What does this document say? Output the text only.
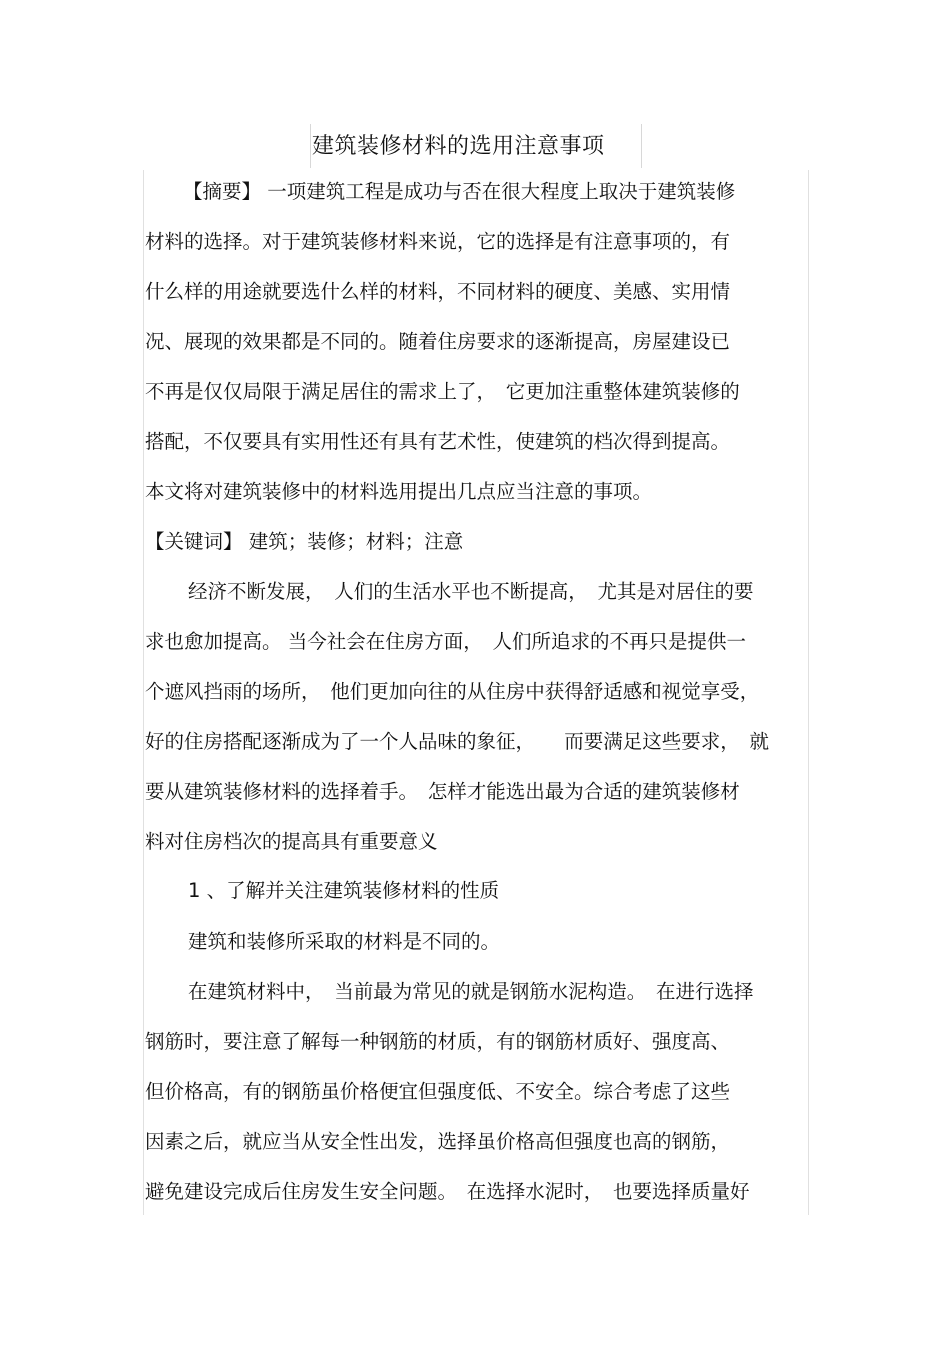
建筑装修材料的选用注意事项
【摘要】 一项建筑工程是成功与否在很大程度上取决于建筑装修
材料的选择。对于建筑装修材料来说，它的选择是有注意事项的，有
什么样的用途就要选什么样的材料，不同材料的硬度、美感、实用情
况、展现的效果都是不同的。随着住房要求的逐渐提高，房屋建设已
不再是仅仅局限于满足居住的需求上了，　它更加注重整体建筑装修的
搭配，不仅要具有实用性还有具有艺术性，使建筑的档次得到提高。
本文将对建筑装修中的材料选用提出几点应当注意的事项。
【关键词】 建筑；装修；材料；注意
经济不断发展，　人们的生活水平也不断提高，　尤其是对居住的要
求也愈加提高。 当今社会在住房方面，　人们所追求的不再只是提供一
个遮风挡雨的场所，　他们更加向往的从住房中获得舒适感和视觉享受，
好的住房搭配逐渐成为了一个人品味的象征，　　而要满足这些要求，　就
要从建筑装修材料的选择着手。　怎样才能选出最为合适的建筑装修材
料对住房档次的提高具有重要意义
1 、了解并关注建筑装修材料的性质
建筑和装修所采取的材料是不同的。
在建筑材料中，　当前最为常见的就是钢筋水泥构造。　在进行选择
钢筋时，要注意了解每一种钢筋的材质，有的钢筋材质好、强度高、
但价格高，有的钢筋虽价格便宜但强度低、不安全。综合考虑了这些
因素之后，就应当从安全性出发，选择虽价格高但强度也高的钢筋，
避免建设完成后住房发生安全问题。　在选择水泥时，　也要选择质量好
